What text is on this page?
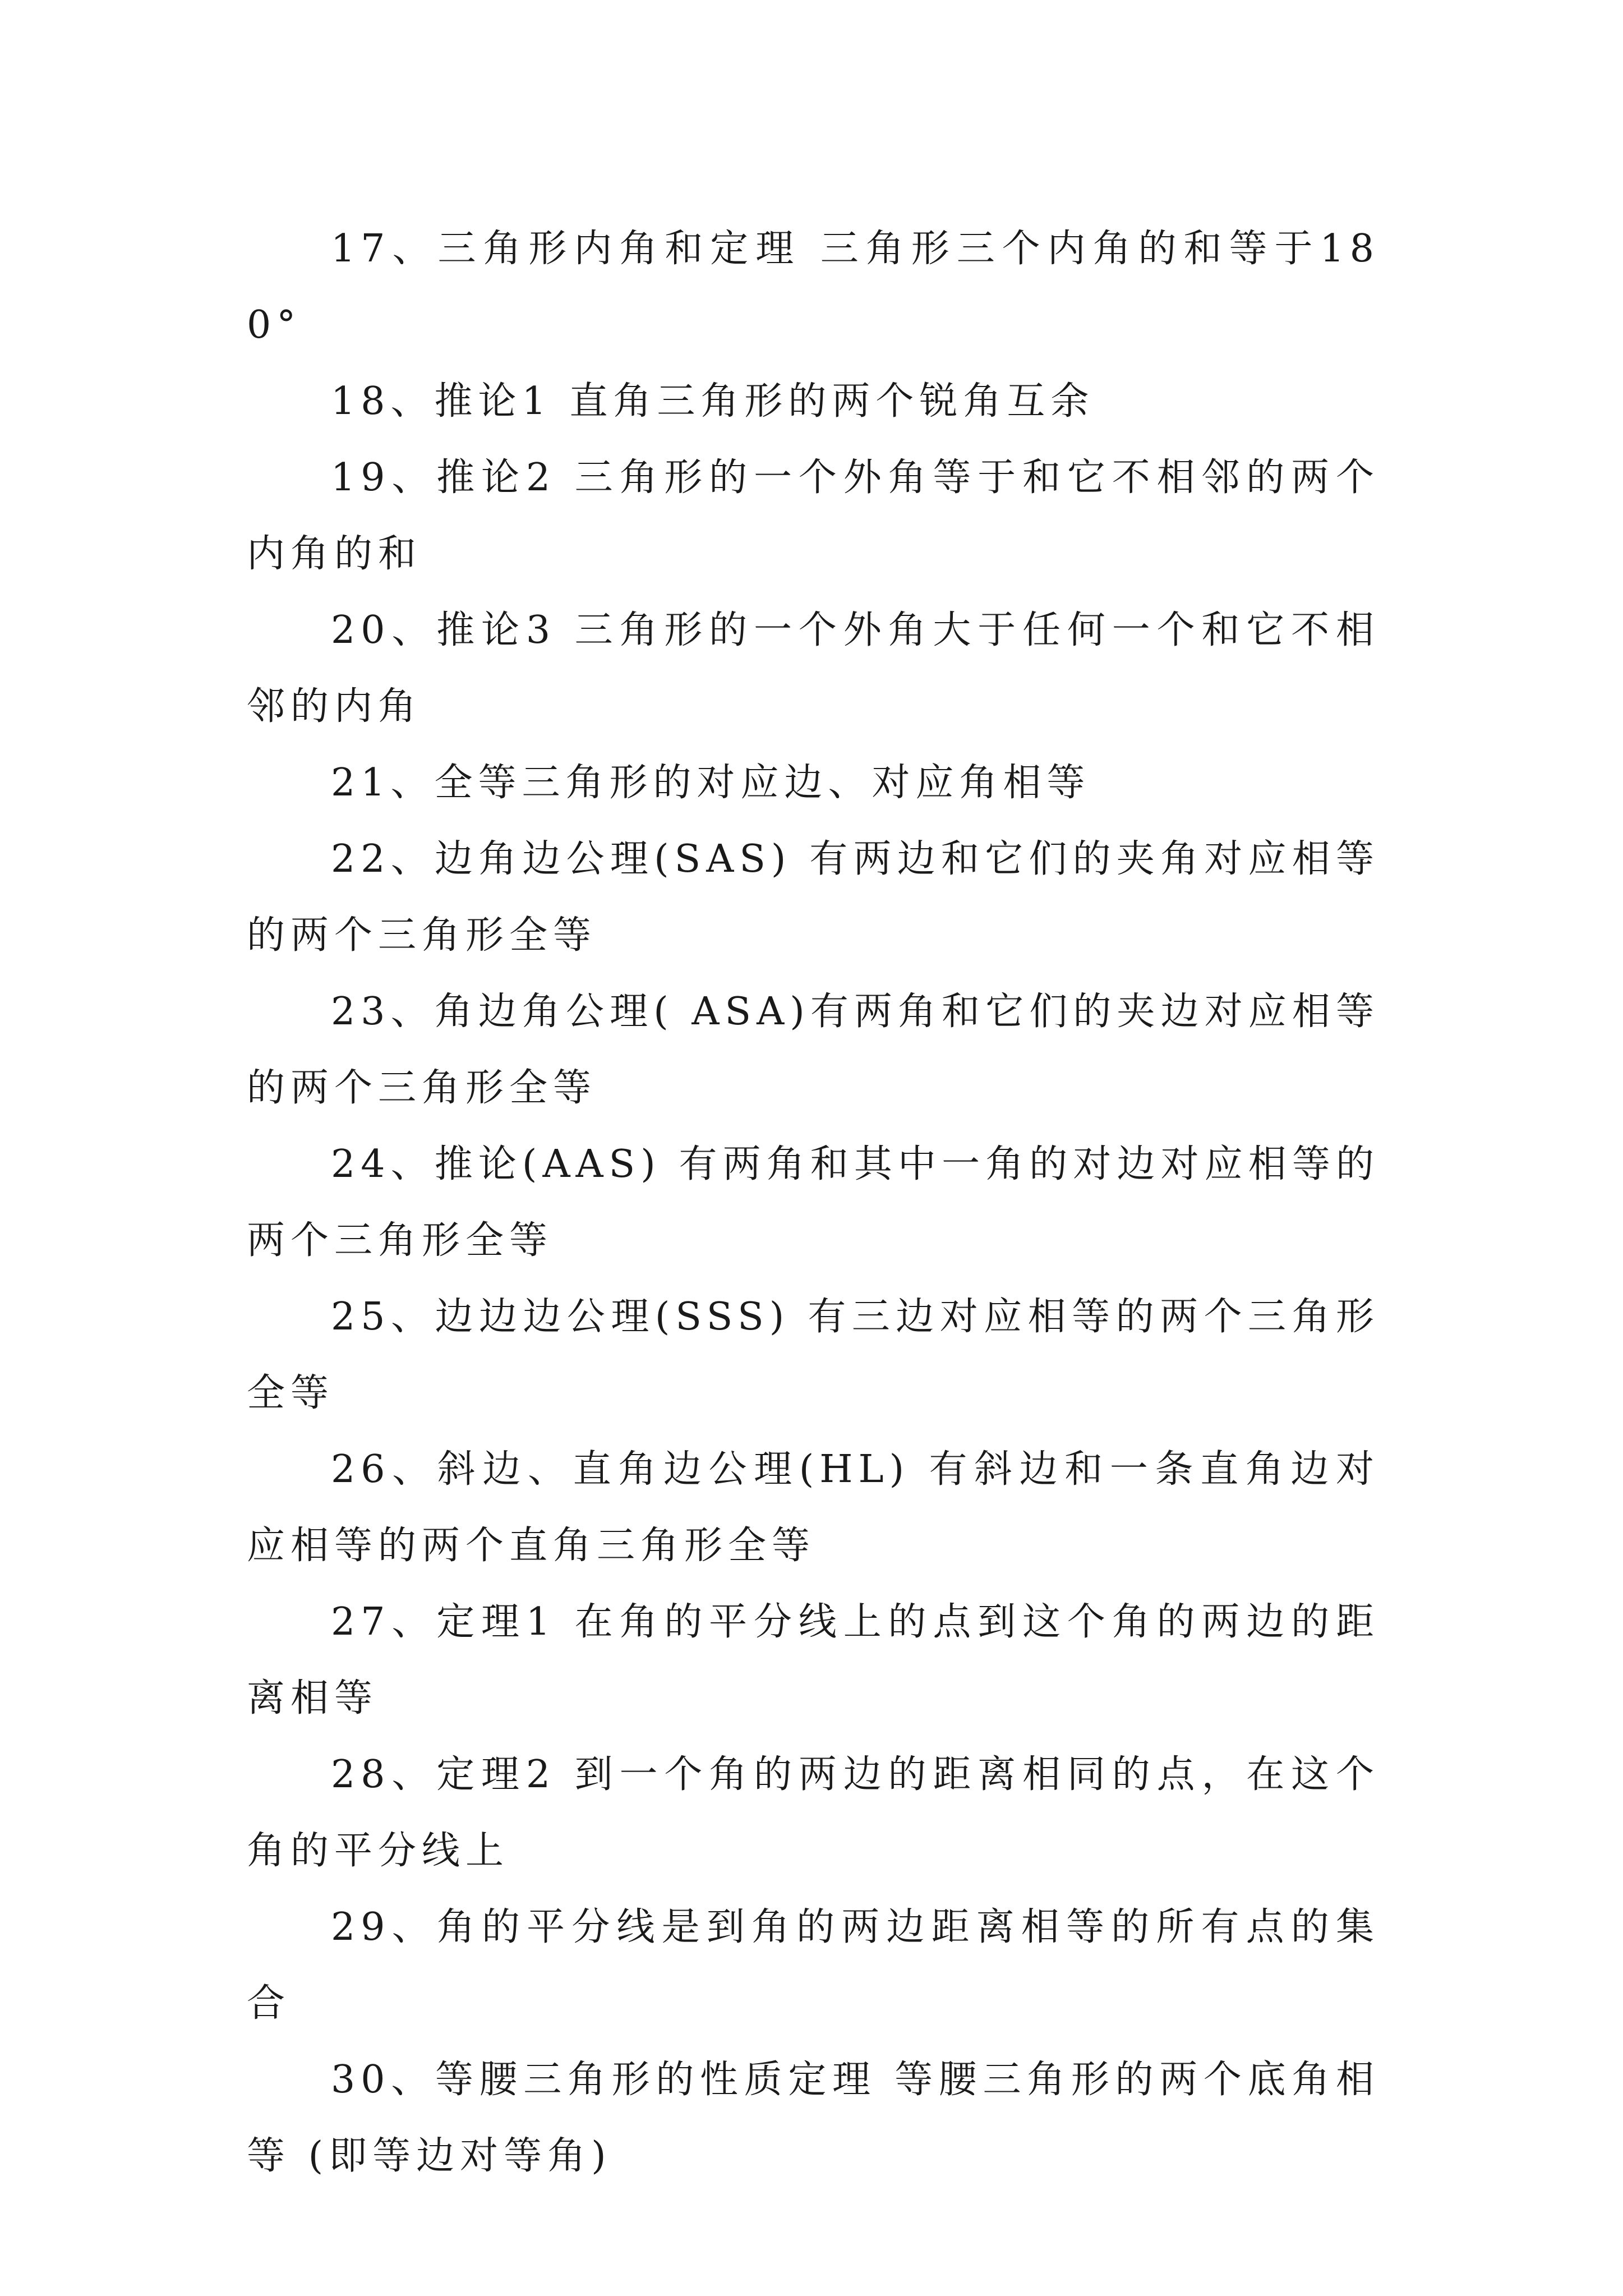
17、三角形内角和定理 三角形三个内角的和等于180°

18、推论1 直角三角形的两个锐角互余

19、推论2 三角形的一个外角等于和它不相邻的两个内角的和

20、推论3 三角形的一个外角大于任何一个和它不相邻的内角

21、全等三角形的对应边、对应角相等

22、边角边公理(SAS) 有两边和它们的夹角对应相等的两个三角形全等

23、角边角公理( ASA)有两角和它们的夹边对应相等的两个三角形全等

24、推论(AAS) 有两角和其中一角的对边对应相等的两个三角形全等

25、边边边公理(SSS) 有三边对应相等的两个三角形全等

26、斜边、直角边公理(HL) 有斜边和一条直角边对应相等的两个直角三角形全等

27、定理1 在角的平分线上的点到这个角的两边的距离相等

28、定理2 到一个角的两边的距离相同的点，在这个角的平分线上

29、角的平分线是到角的两边距离相等的所有点的集合

30、等腰三角形的性质定理 等腰三角形的两个底角相等 (即等边对等角)
